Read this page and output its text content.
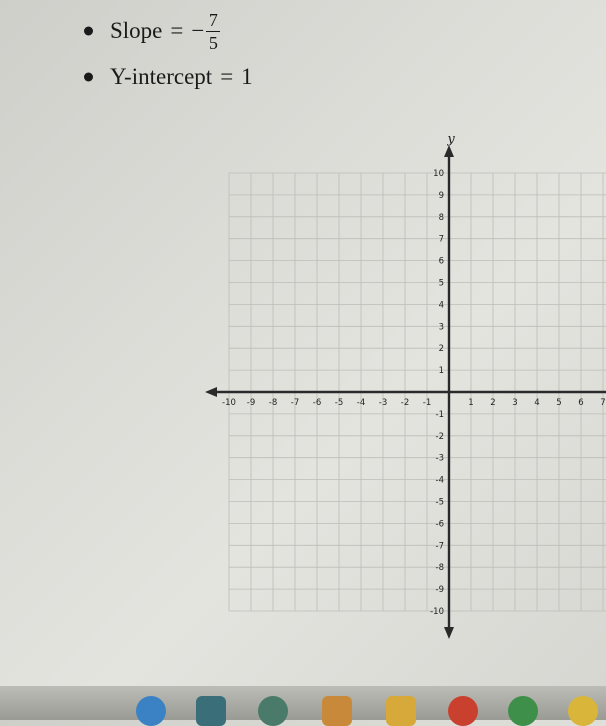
Slope = − $\frac{7}{5}$
Y-intercept = 1
y
-10 -9 -8 -7 -6 -5 -4 -3 -2 -1	1 2 3 4 5 6 7
1
2
3
4
5
6
7
8
9
10
-1
-2
-3
-4
-5
-6
-7
-8
-9
-10
